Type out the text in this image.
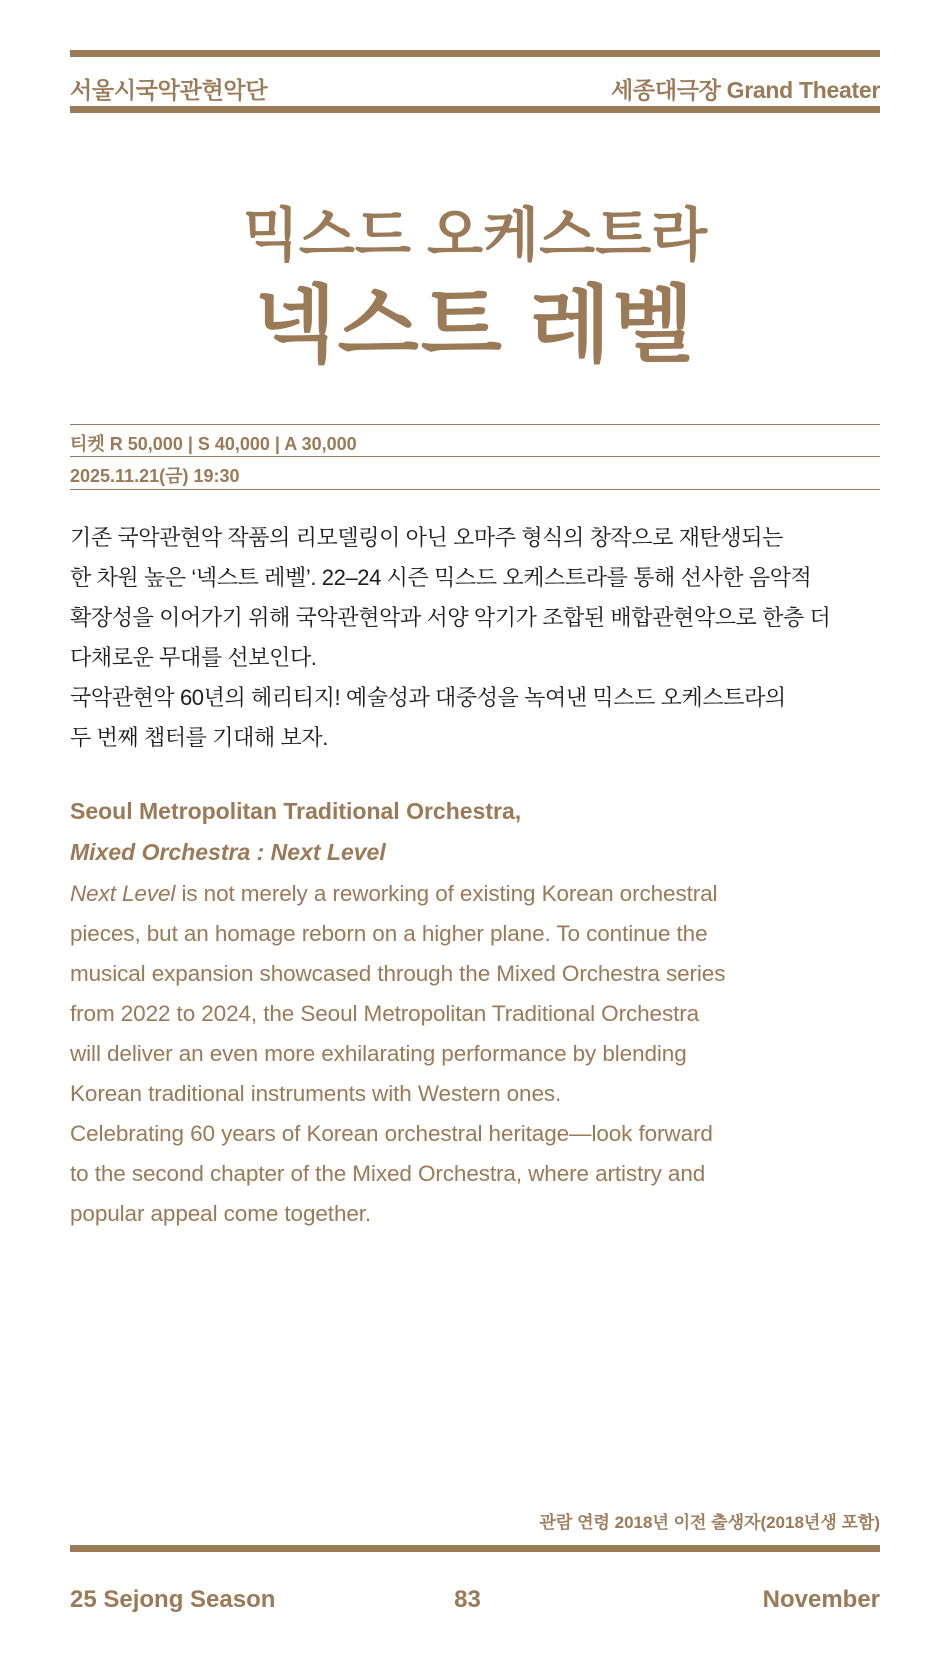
서울시국악관현악단	세종대극장 Grand Theater
믹스드 오케스트라
넥스트 레벨
티켓 R 50,000 | S 40,000 | A 30,000
2025.11.21(금) 19:30

기존 국악관현악 작품의 리모델링이 아닌 오마주 형식의 창작으로 재탄생되는

한 차원 높은 ‘넥스트 레벨’. 22–24 시즌 믹스드 오케스트라를 통해 선사한 음악적

확장성을 이어가기 위해 국악관현악과 서양 악기가 조합된 배합관현악으로 한층 더

다채로운 무대를 선보인다.

국악관현악 60년의 헤리티지! 예술성과 대중성을 녹여낸 믹스드 오케스트라의

두 번째 챕터를 기대해 보자.

Seoul Metropolitan Traditional Orchestra,
Mixed Orchestra : Next Level

Next Level is not merely a reworking of existing Korean orchestral

pieces, but an homage reborn on a higher plane. To continue the

musical expansion showcased through the Mixed Orchestra series

from 2022 to 2024, the Seoul Metropolitan Traditional Orchestra

will deliver an even more exhilarating performance by blending

Korean traditional instruments with Western ones.

Celebrating 60 years of Korean orchestral heritage—look forward

to the second chapter of the Mixed Orchestra, where artistry and

popular appeal come together.

관람 연령 2018년 이전 출생자(2018년생 포함)
25 Sejong Season	83	November
